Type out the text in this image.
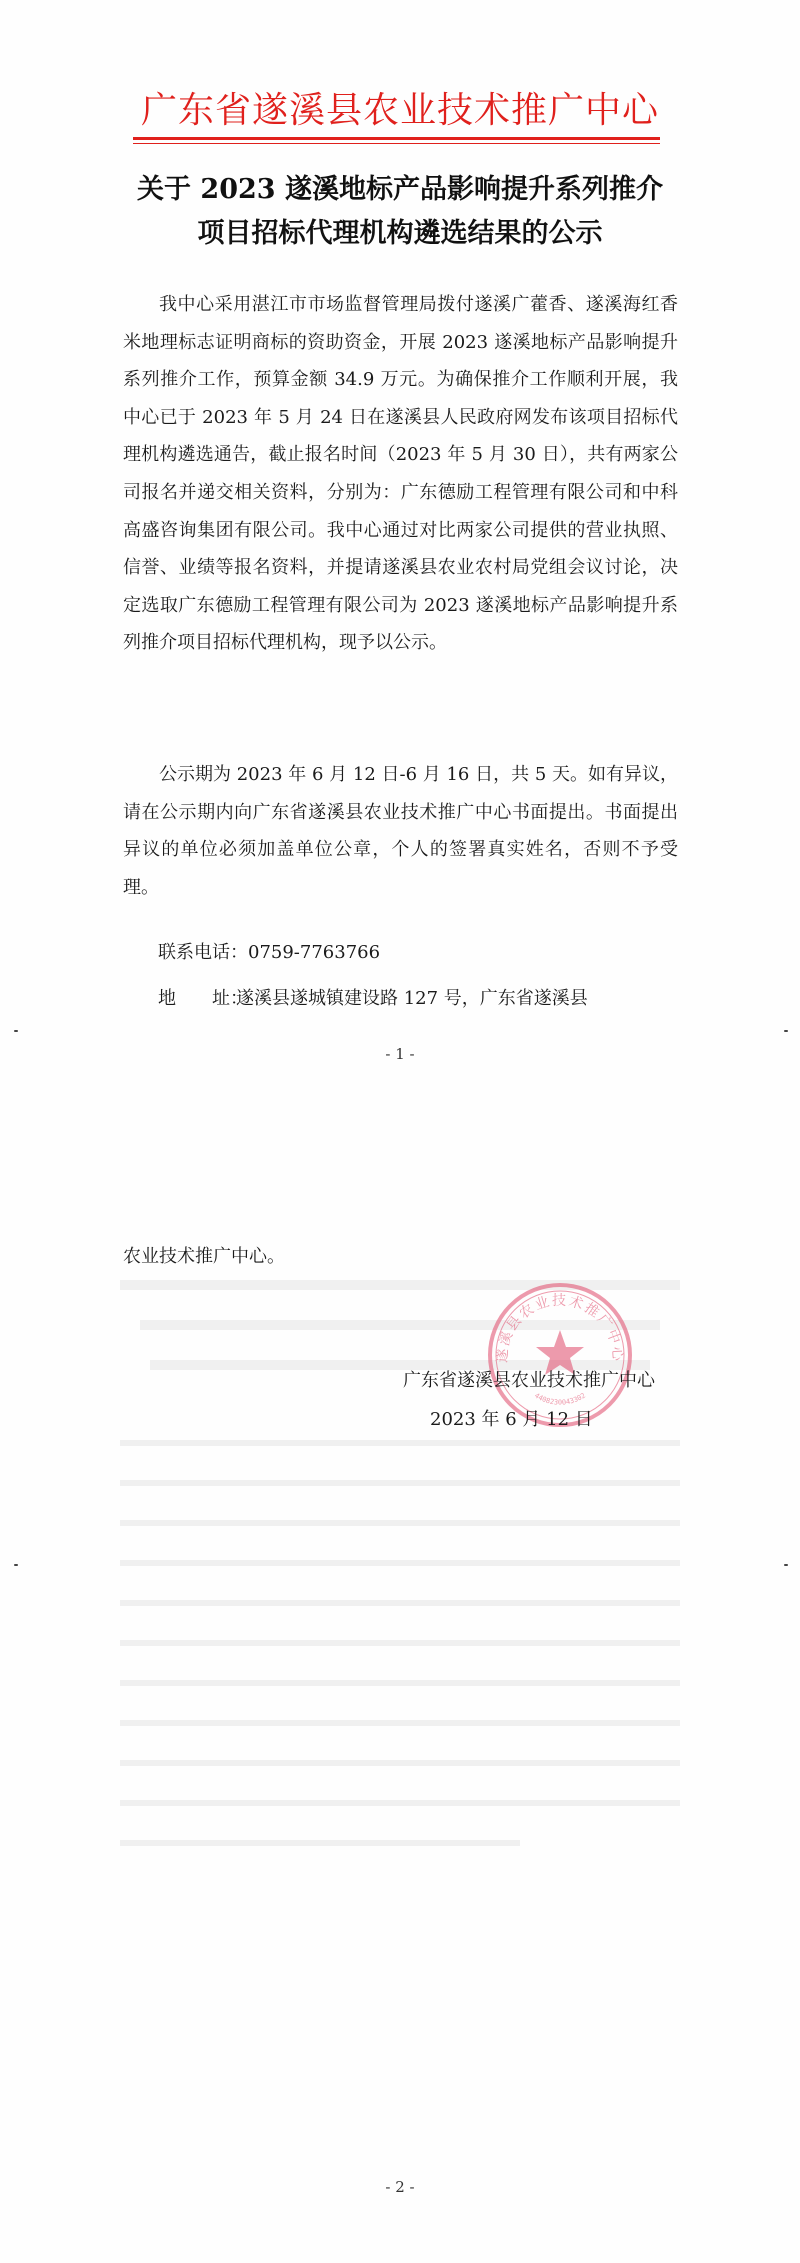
广东省遂溪县农业技术推广中心
关于 2023 遂溪地标产品影响提升系列推介
项目招标代理机构遴选结果的公示

我中心采用湛江市市场监督管理局拨付遂溪广藿香、遂溪海红香米地理标志证明商标的资助资金，开展 2023 遂溪地标产品影响提升系列推介工作，预算金额 34.9 万元。为确保推介工作顺利开展，我中心已于 2023 年 5 月 24 日在遂溪县人民政府网发布该项目招标代理机构遴选通告，截止报名时间（2023 年 5 月 30 日），共有两家公司报名并递交相关资料，分别为：广东德励工程管理有限公司和中科高盛咨询集团有限公司。我中心通过对比两家公司提供的营业执照、信誉、业绩等报名资料，并提请遂溪县农业农村局党组会议讨论，决定选取广东德励工程管理有限公司为 2023 遂溪地标产品影响提升系列推介项目招标代理机构，现予以公示。

公示期为 2023 年 6 月 12 日-6 月 16 日，共 5 天。如有异议，请在公示期内向广东省遂溪县农业技术推广中心书面提出。书面提出异议的单位必须加盖单位公章，个人的签署真实姓名，否则不予受理。

联系电话：0759-7763766
地　　址：遂溪县遂城镇建设路 127 号，广东省遂溪县
- 1 -
农业技术推广中心。
遂溪县农业技术推广中心
4408230043302
广东省遂溪县农业技术推广中心
2023 年 6 月 12 日
- 2 -
